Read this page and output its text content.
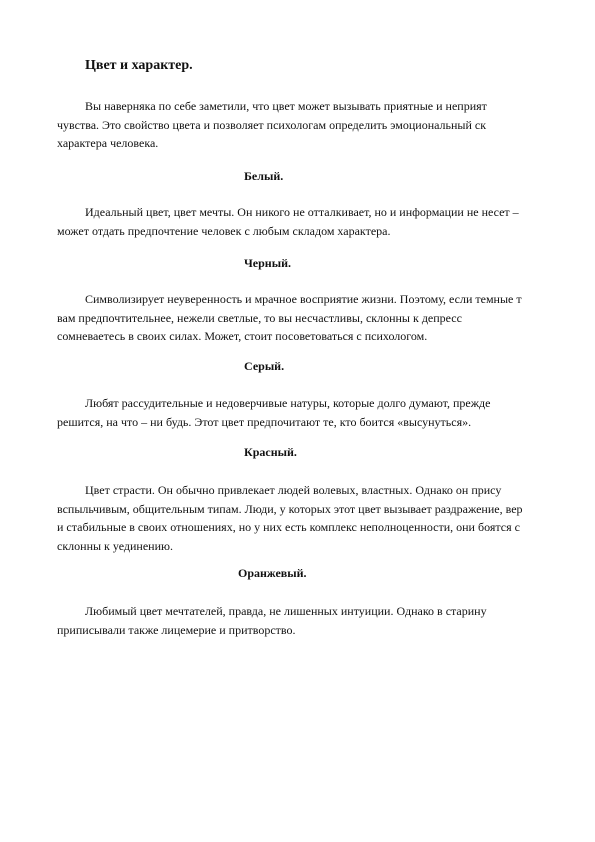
Цвет и характер.

Вы наверняка по себе заметили, что цвет может вызывать приятные и неприят
чувства. Это свойство цвета и позволяет психологам определить эмоциональный ск
характера человека.

Белый.

Идеальный цвет, цвет мечты. Он никого не отталкивает, но и информации не несет –
может отдать предпочтение человек с любым складом характера.

Черный.

Символизирует неуверенность и мрачное восприятие жизни. Поэтому, если темные т
вам предпочтительнее, нежели светлые, то вы несчастливы, склонны к депресс
сомневаетесь в своих силах. Может, стоит посоветоваться с психологом.

Серый.

Любят рассудительные и недоверчивые натуры, которые долго думают, прежде
решится, на что – ни будь. Этот цвет предпочитают те, кто боится «высунуться».

Красный.

Цвет страсти. Он обычно привлекает людей волевых, властных. Однако он прису
вспыльчивым, общительным типам. Люди, у которых этот цвет вызывает раздражение, вер
и стабильные в своих отношениях, но у них есть комплекс неполноценности, они боятся с
склонны к уединению.

Оранжевый.

Любимый цвет мечтателей, правда, не лишенных интуиции. Однако в старину
приписывали также лицемерие и притворство.
